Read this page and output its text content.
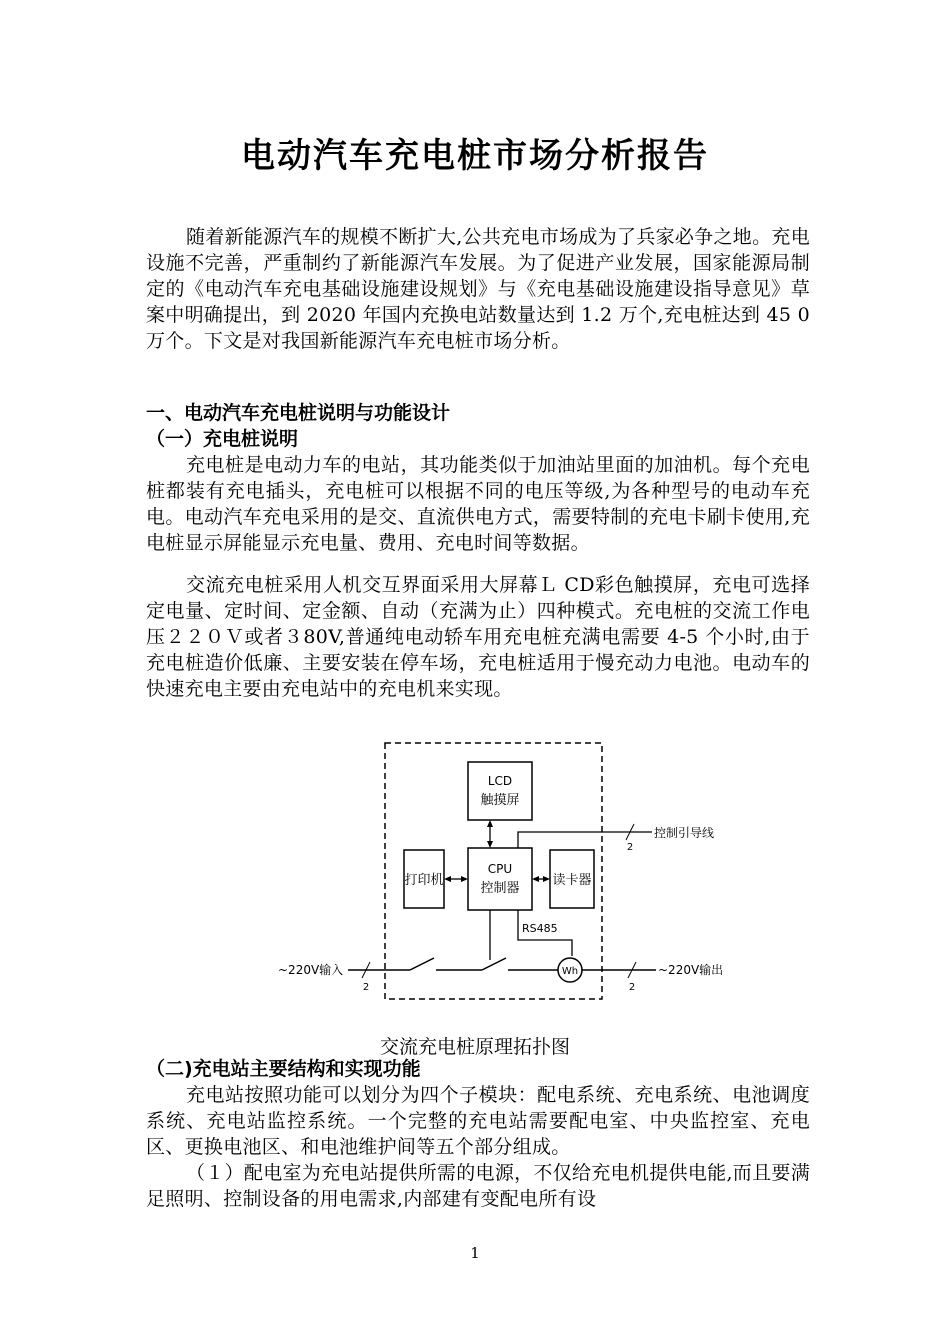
电动汽车充电桩市场分析报告

随着新能源汽车的规模不断扩大,公共充电市场成为了兵家必争之地。充电设施不完善，严重制约了新能源汽车发展。为了促进产业发展，国家能源局制定的《电动汽车充电基础设施建设规划》与《充电基础设施建设指导意见》草案中明确提出，到 2020 年国内充换电站数量达到 1.2 万个,充电桩达到 45 0 万个。下文是对我国新能源汽车充电桩市场分析。

一、电动汽车充电桩说明与功能设计
（一）充电桩说明

充电桩是电动力车的电站，其功能类似于加油站里面的加油机。每个充电桩都装有充电插头，充电桩可以根据不同的电压等级,为各种型号的电动车充电。电动汽车充电采用的是交、直流供电方式，需要特制的充电卡刷卡使用,充电桩显示屏能显示充电量、费用、充电时间等数据。

交流充电桩采用人机交互界面采用大屏幕Ｌ CD彩色触摸屏，充电可选择定电量、定时间、定金额、自动（充满为止）四种模式。充电桩的交流工作电压２２０Ｖ或者３80V,普通纯电动轿车用充电桩充满电需要 4-5 个小时,由于充电桩造价低廉、主要安装在停车场，充电桩适用于慢充动力电池。电动车的快速充电主要由充电站中的充电机来实现。

LCD
触摸屏
CPU
控制器
打印机	读卡器
2
控制引导线
RS485
Wh
2	2
~220V输入	~220V输出

交流充电桩原理拓扑图

（二)充电站主要结构和实现功能

充电站按照功能可以划分为四个子模块：配电系统、充电系统、电池调度系统、充电站监控系统。一个完整的充电站需要配电室、中央监控室、充电区、更换电池区、和电池维护间等五个部分组成。

（１）配电室为充电站提供所需的电源，不仅给充电机提供电能,而且要满足照明、控制设备的用电需求,内部建有变配电所有设

1
